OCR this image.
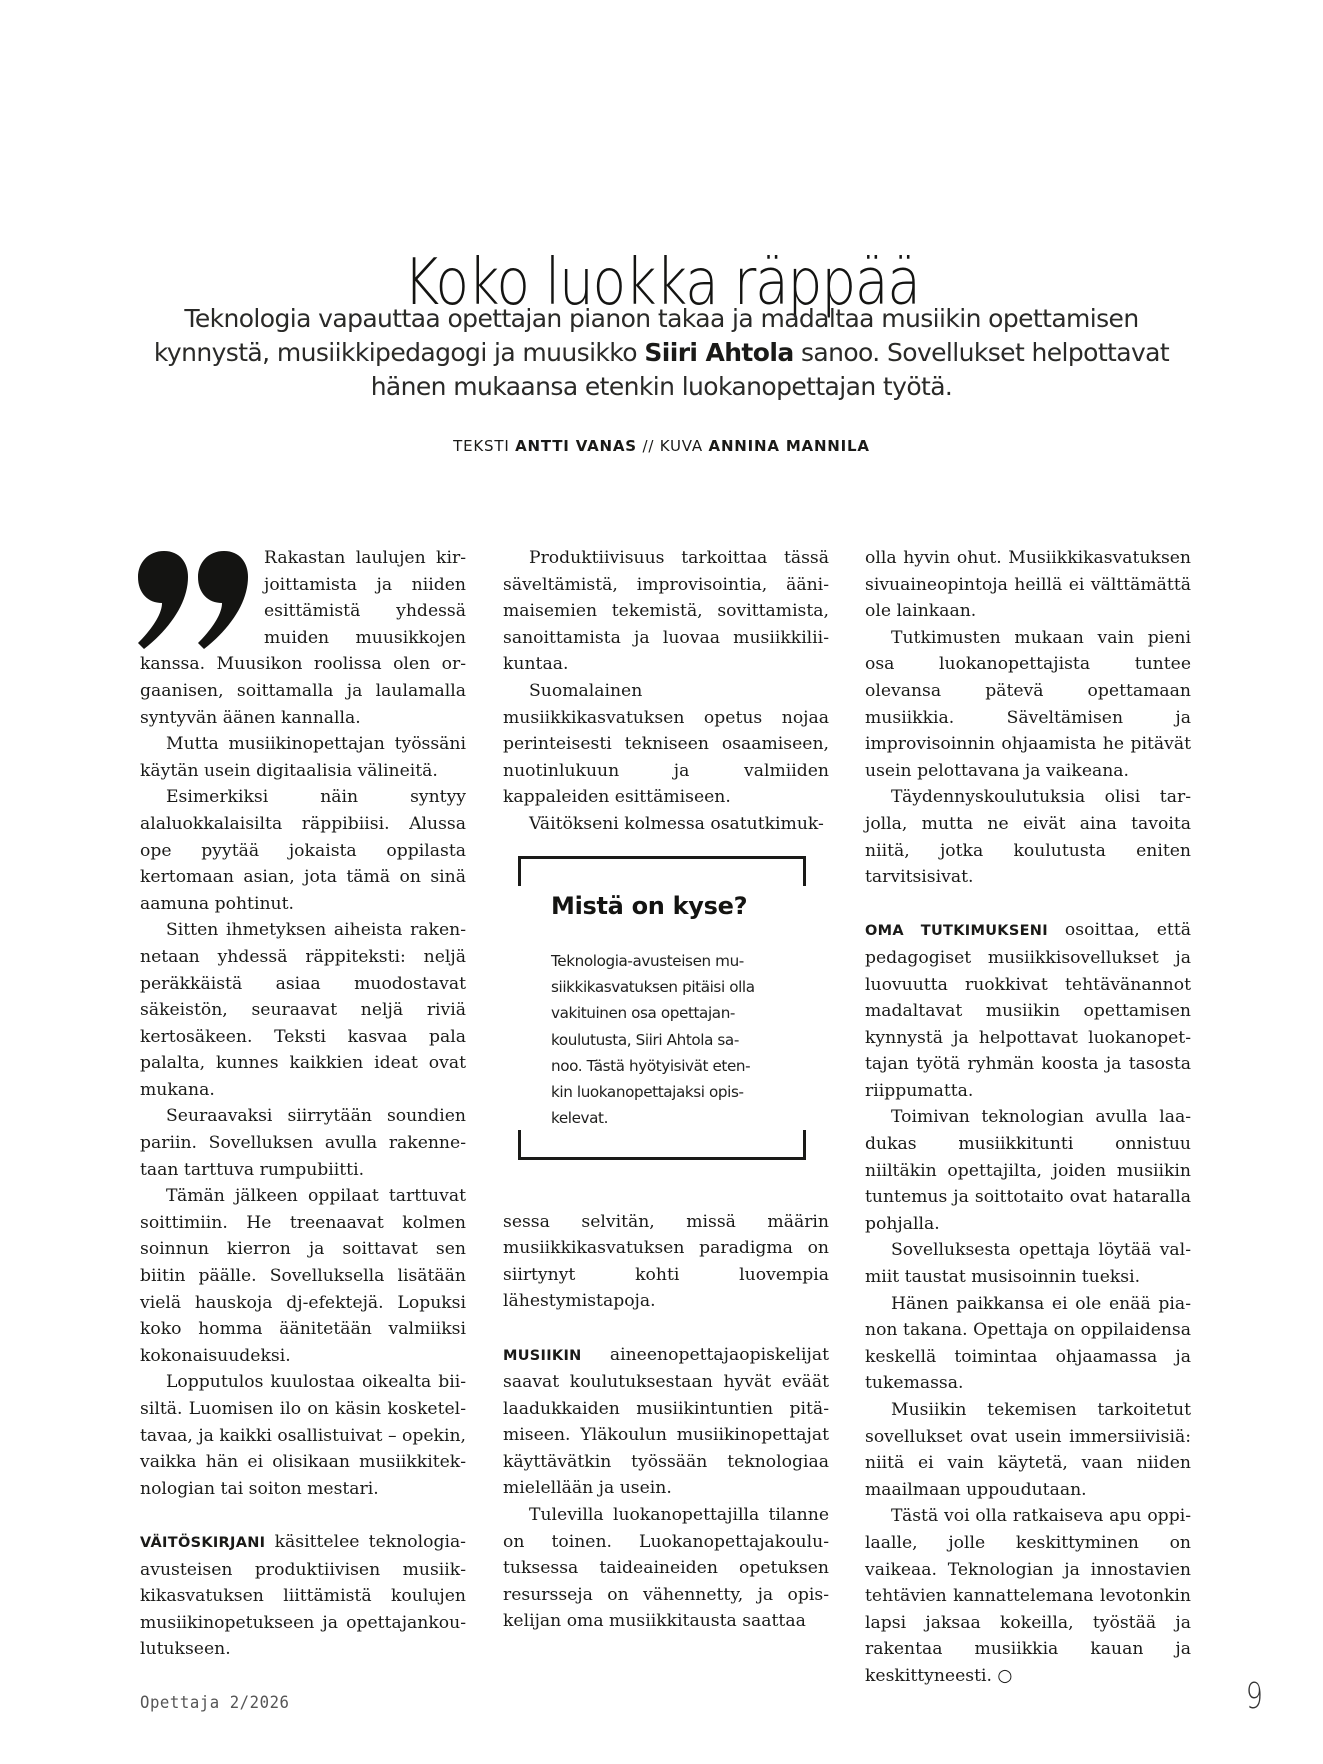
Koko luokka räppää
Teknologia vapauttaa opettajan pianon takaa ja madaltaa musiikin opettamisen kynnystä, musiikkipedagogi ja muusikko Siiri Ahtola sanoo. Sovellukset helpottavat hänen mukaansa etenkin luokanopettajan työtä.
TEKSTI ANTTI VANAS // KUVA ANNINA MANNILA

Rakastan laulujen kirjoittamista ja niiden esittämistä yhdessä muiden muusikkojen kanssa. Muusikon roolissa olen orgaanisen, soittamalla ja laulamalla syntyvän äänen kannalla.

Mutta musiikinopettajan työssäni käytän usein digitaalisia välineitä.

Esimerkiksi näin syntyy alaluokkalaisilta räppibiisi. Alussa ope pyytää jokaista oppilasta kertomaan asian, jota tämä on sinä aamuna pohtinut.

Sitten ihmetyksen aiheista rakennetaan yhdessä räppiteksti: neljä peräkkäistä asiaa muodostavat säkeistön, seuraavat neljä riviä kertosäkeen. Teksti kasvaa pala palalta, kunnes kaikkien ideat ovat mukana.

Seuraavaksi siirrytään soundien pariin. Sovelluksen avulla rakennetaan tarttuva rumpubiitti.

Tämän jälkeen oppilaat tarttuvat soittimiin. He treenaavat kolmen soinnun kierron ja soittavat sen biitin päälle. Sovelluksella lisätään vielä hauskoja dj-efektejä. Lopuksi koko homma äänitetään valmiiksi kokonaisuudeksi.

Lopputulos kuulostaa oikealta biisiltä. Luomisen ilo on käsin kosketeltavaa, ja kaikki osallistuivat – opekin, vaikka hän ei olisikaan musiikkiteknologian tai soiton mestari.

VÄITÖSKIRJANI käsittelee teknologia-avusteisen produktiivisen musiikkikasvatuksen liittämistä koulujen musiikinopetukseen ja opettajankoulutukseen.

Produktiivisuus tarkoittaa tässä säveltämistä, improvisointia, äänimaisemien tekemistä, sovittamista, sanoittamista ja luovaa musiikkiliikuntaa.

Suomalainen musiikkikasvatuksen opetus nojaa perinteisesti tekniseen osaamiseen, nuotinlukuun ja valmiiden kappaleiden esittämiseen.

Väitökseni kolmessa osatutkimuk-

sessa selvitän, missä määrin musiikkikasvatuksen paradigma on siirtynyt kohti luovempia lähestymistapoja.

MUSIIKIN aineenopettajaopiskelijat saavat koulutuksestaan hyvät eväät laadukkaiden musiikintuntien pitämiseen. Yläkoulun musiikinopettajat käyttävätkin työssään teknologiaa mielellään ja usein.

Tulevilla luokanopettajilla tilanne on toinen. Luokanopettajakoulutuksessa taideaineiden opetuksen resursseja on vähennetty, ja opiskelijan oma musiikkitausta saattaa

Mistä on kyse?
Teknologia-avusteisen musiikkikasvatuksen pitäisi olla vakituinen osa opettajankoulutusta, Siiri Ahtola sanoo. Tästä hyötyisivät etenkin luokanopettajaksi opiskelevat.

olla hyvin ohut. Musiikkikasvatuksen sivuaineopintoja heillä ei välttämättä ole lainkaan.

Tutkimusten mukaan vain pieni osa luokanopettajista tuntee olevansa pätevä opettamaan musiikkia. Säveltämisen ja improvisoinnin ohjaamista he pitävät usein pelottavana ja vaikeana.

Täydennyskoulutuksia olisi tarjolla, mutta ne eivät aina tavoita niitä, jotka koulutusta eniten tarvitsisivat.

OMA TUTKIMUKSENI osoittaa, että pedagogiset musiikkisovellukset ja luovuutta ruokkivat tehtävänannot madaltavat musiikin opettamisen kynnystä ja helpottavat luokanopettajan työtä ryhmän koosta ja tasosta riippumatta.

Toimivan teknologian avulla laadukas musiikkitunti onnistuu niiltäkin opettajilta, joiden musiikin tuntemus ja soittotaito ovat hataralla pohjalla.

Sovelluksesta opettaja löytää valmiit taustat musisoinnin tueksi.

Hänen paikkansa ei ole enää pianon takana. Opettaja on oppilaidensa keskellä toimintaa ohjaamassa ja tukemassa.

Musiikin tekemisen tarkoitetut sovellukset ovat usein immersiivisiä: niitä ei vain käytetä, vaan niiden maailmaan uppoudutaan.

Tästä voi olla ratkaiseva apu oppilaalle, jolle keskittyminen on vaikeaa. Teknologian ja innostavien tehtävien kannattelemana levotonkin lapsi jaksaa kokeilla, työstää ja rakentaa musiikkia kauan ja keskittyneesti. ○

Opettaja 2/2026	9
